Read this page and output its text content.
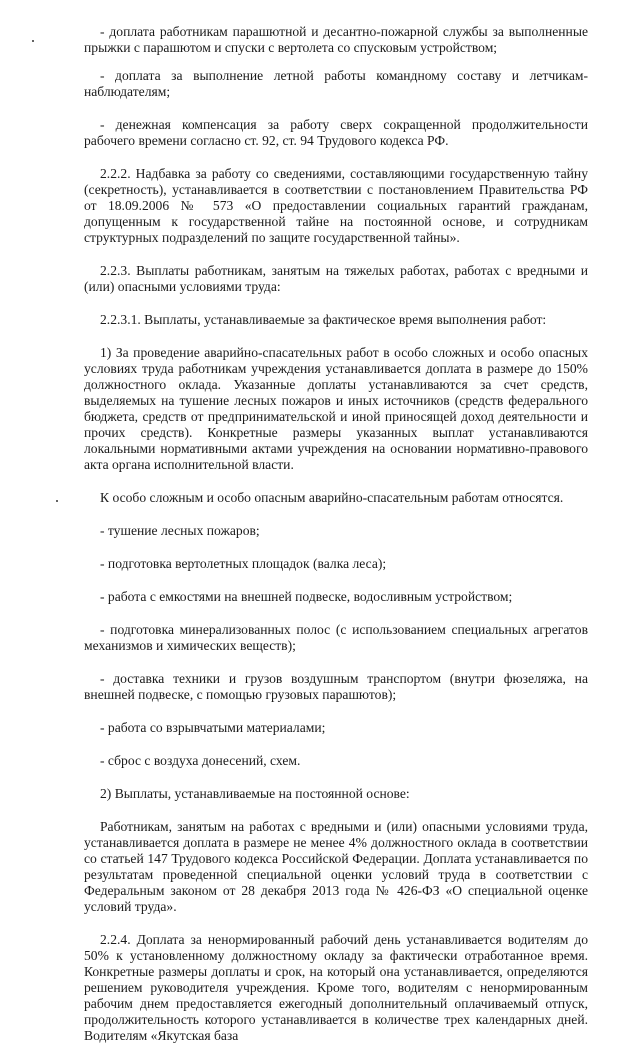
- доплата работникам парашютной и десантно-пожарной службы за выполненные прыжки с парашютом и спуски с вертолета со спусковым устройством;

- доплата за выполнение летной работы командному составу и летчикам-наблюдателям;

- денежная компенсация за работу сверх сокращенной продолжительности рабочего времени согласно ст. 92, ст. 94 Трудового кодекса РФ.

2.2.2. Надбавка за работу со сведениями, составляющими государственную тайну (секретность), устанавливается в соответствии с постановлением Правительства РФ от 18.09.2006 № 573 «О предоставлении социальных гарантий гражданам, допущенным к государственной тайне на постоянной основе, и сотрудникам структурных подразделений по защите государственной тайны».

2.2.3. Выплаты работникам, занятым на тяжелых работах, работах с вредными и (или) опасными условиями труда:

2.2.3.1. Выплаты, устанавливаемые за фактическое время выполнения работ:

1) За проведение аварийно-спасательных работ в особо сложных и особо опасных условиях труда работникам учреждения устанавливается доплата в размере до 150% должностного оклада. Указанные доплаты устанавливаются за счет средств, выделяемых на тушение лесных пожаров и иных источников (средств федерального бюджета, средств от предпринимательской и иной приносящей доход деятельности и прочих средств). Конкретные размеры указанных выплат устанавливаются локальными нормативными актами учреждения на основании нормативно-правового акта органа исполнительной власти.

К особо сложным и особо опасным аварийно-спасательным работам относятся.

- тушение лесных пожаров;

- подготовка вертолетных площадок (валка леса);

- работа с емкостями на внешней подвеске, водосливным устройством;

- подготовка минерализованных полос (с использованием специальных агрегатов механизмов и химических веществ);

- доставка техники и грузов воздушным транспортом (внутри фюзеляжа, на внешней подвеске, с помощью грузовых парашютов);

- работа со взрывчатыми материалами;

- сброс с воздуха донесений, схем.

2) Выплаты, устанавливаемые на постоянной основе:

Работникам, занятым на работах с вредными и (или) опасными условиями труда, устанавливается доплата в размере не менее 4% должностного оклада в соответствии со статьей 147 Трудового кодекса Российской Федерации. Доплата устанавливается по результатам проведенной специальной оценки условий труда в соответствии с Федеральным законом от 28 декабря 2013 года № 426-ФЗ «О специальной оценке условий труда».

2.2.4. Доплата за ненормированный рабочий день устанавливается водителям до 50% к установленному должностному окладу за фактически отработанное время. Конкретные размеры доплаты и срок, на который она устанавливается, определяются решением руководителя учреждения. Кроме того, водителям с ненормированным рабочим днем предоставляется ежегодный дополнительный оплачиваемый отпуск, продолжительность которого устанавливается в количестве трех календарных дней. Водителям «Якутская база
